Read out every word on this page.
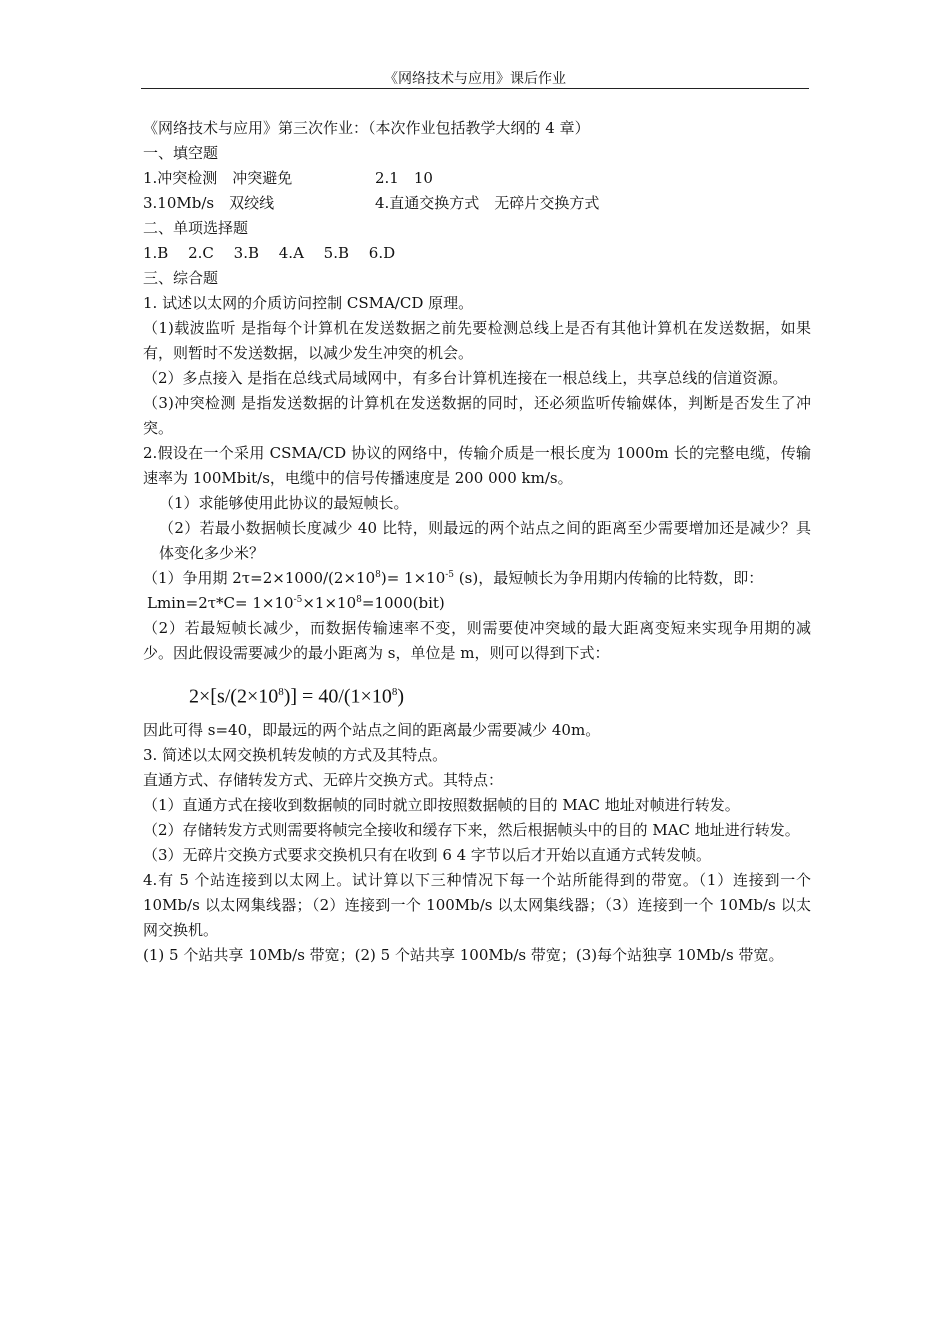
《网络技术与应用》课后作业
《网络技术与应用》第三次作业：（本次作业包括教学大纲的 4 章）
一、填空题
1.冲突检测　冲突避免	2.1　10
3.10Mb/s　双绞线	4.直通交换方式　无碎片交换方式
二、单项选择题
1.B　 2.C　 3.B　 4.A　 5.B　 6.D
三、综合题
1. 试述以太网的介质访问控制 CSMA/CD 原理。
（1)载波监听 是指每个计算机在发送数据之前先要检测总线上是否有其他计算机在发送数据，如果有，则暂时不发送数据，以减少发生冲突的机会。
（2）多点接入 是指在总线式局域网中，有多台计算机连接在一根总线上，共享总线的信道资源。
（3)冲突检测 是指发送数据的计算机在发送数据的同时，还必须监听传输媒体，判断是否发生了冲突。
2.假设在一个采用 CSMA/CD 协议的网络中，传输介质是一根长度为 1000m 长的完整电缆，传输速率为 100Mbit/s，电缆中的信号传播速度是 200 000 km/s。
（1）求能够使用此协议的最短帧长。
（2）若最小数据帧长度减少 40 比特，则最远的两个站点之间的距离至少需要增加还是减少？具体变化多少米？
（1）争用期 $2\tau=2\times 1000/(2\times 10^8)= 1\times 10^{-5}$ (s)，最短帧长为争用期内传输的比特数，即：
$Lmin=2\tau*C= 1\times 10^{-5}\times 1\times 10^8=1000(bit)$
（2）若最短帧长减少，而数据传输速率不变，则需要使冲突域的最大距离变短来实现争用期的减少。因此假设需要减少的最小距离为 s，单位是 m，则可以得到下式：
$2\times[s/(2\times 10^8)] = 40/(1\times 10^8)$
因此可得 s=40，即最远的两个站点之间的距离最少需要减少 40m。
3. 简述以太网交换机转发帧的方式及其特点。
直通方式、存储转发方式、无碎片交换方式。其特点：
（1）直通方式在接收到数据帧的同时就立即按照数据帧的目的 MAC 地址对帧进行转发。
（2）存储转发方式则需要将帧完全接收和缓存下来，然后根据帧头中的目的 MAC 地址进行转发。
（3）无碎片交换方式要求交换机只有在收到 6 4 字节以后才开始以直通方式转发帧。
4.有 5 个站连接到以太网上。试计算以下三种情况下每一个站所能得到的带宽。（1）连接到一个 10Mb/s 以太网集线器；（2）连接到一个 100Mb/s 以太网集线器；（3）连接到一个 10Mb/s 以太网交换机。
(1) 5 个站共享 10Mb/s 带宽；(2) 5 个站共享 100Mb/s 带宽；(3)每个站独享 10Mb/s 带宽。
